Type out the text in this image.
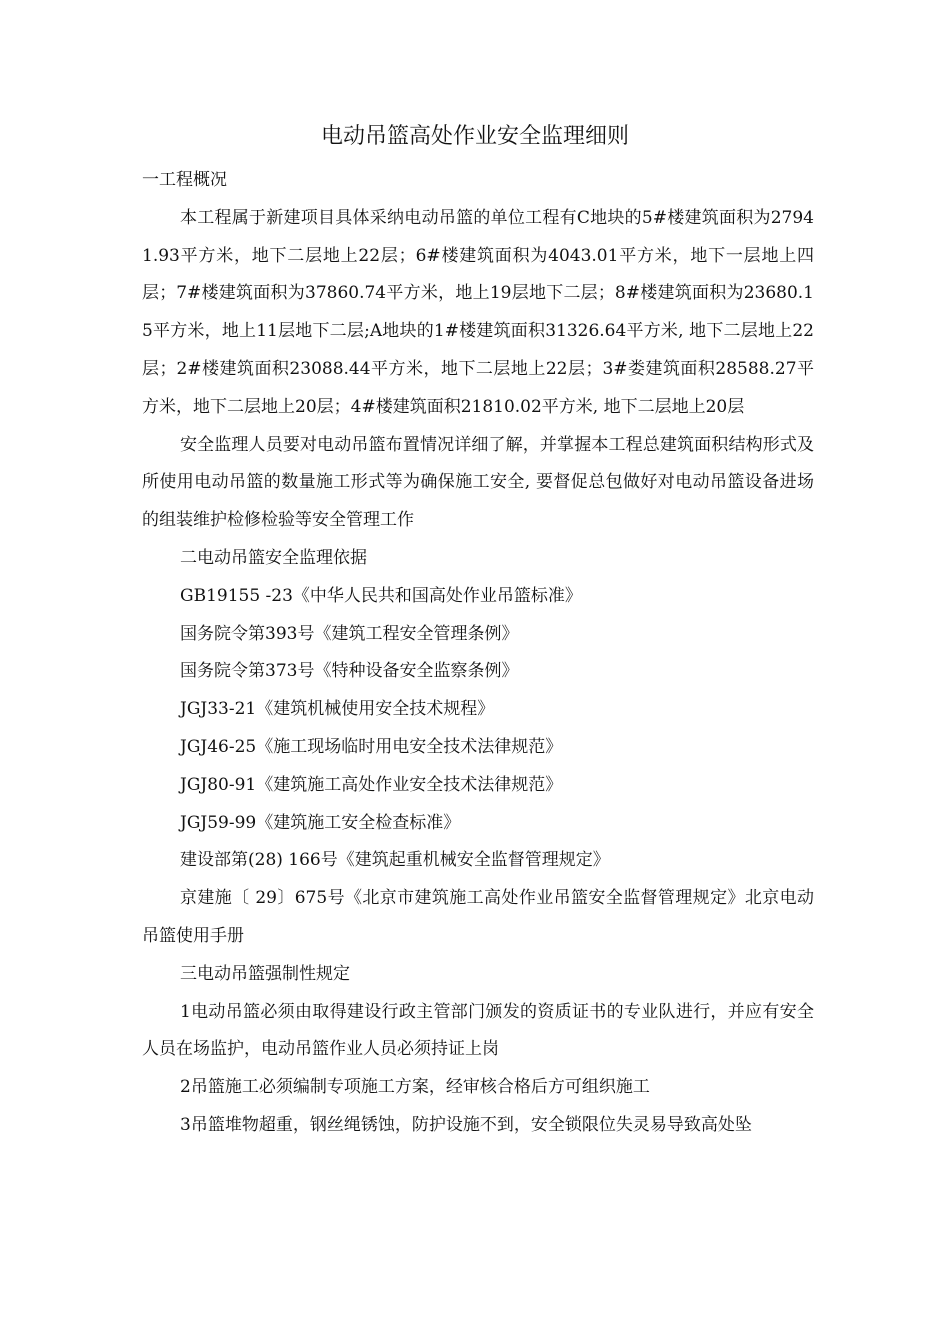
电动吊篮高处作业安全监理细则

一工程概况

本工程属于新建项目具体采纳电动吊篮的单位工程有C地块的5#楼建筑面积为27941.93平方米，地下二层地上22层；6#楼建筑面积为4043.01平方米，地下一层地上四层；7#楼建筑面积为37860.74平方米，地上19层地下二层；8#楼建筑面积为23680.15平方米，地上11层地下二层;A地块的1#楼建筑面积31326.64平方米, 地下二层地上22层；2#楼建筑面积23088.44平方米，地下二层地上22层；3#娄建筑面积28588.27平方米，地下二层地上20层；4#楼建筑面积21810.02平方米, 地下二层地上20层

安全监理人员要对电动吊篮布置情况详细了解，并掌握本工程总建筑面积结构形式及所使用电动吊篮的数量施工形式等为确保施工安全, 要督促总包做好对电动吊篮设备进场的组装维护检修检验等安全管理工作

二电动吊篮安全监理依据

GB19155 -23《中华人民共和国高处作业吊篮标准》

国务院令第393号《建筑工程安全管理条例》

国务院令第373号《特种设备安全监察条例》

JGJ33-21《建筑机械使用安全技术规程》

JGJ46-25《施工现场临时用电安全技术法律规范》

JGJ80-91《建筑施工高处作业安全技术法律规范》

JGJ59-99《建筑施工安全检查标准》

建设部第(28) 166号《建筑起重机械安全监督管理规定》

京建施〔 29〕675号《北京市建筑施工高处作业吊篮安全监督管理规定》北京电动吊篮使用手册

三电动吊篮强制性规定

1电动吊篮必须由取得建设行政主管部门颁发的资质证书的专业队进行，并应有安全人员在场监护，电动吊篮作业人员必须持证上岗

2吊篮施工必须编制专项施工方案，经审核合格后方可组织施工

3吊篮堆物超重，钢丝绳锈蚀，防护设施不到，安全锁限位失灵易导致高处坠
